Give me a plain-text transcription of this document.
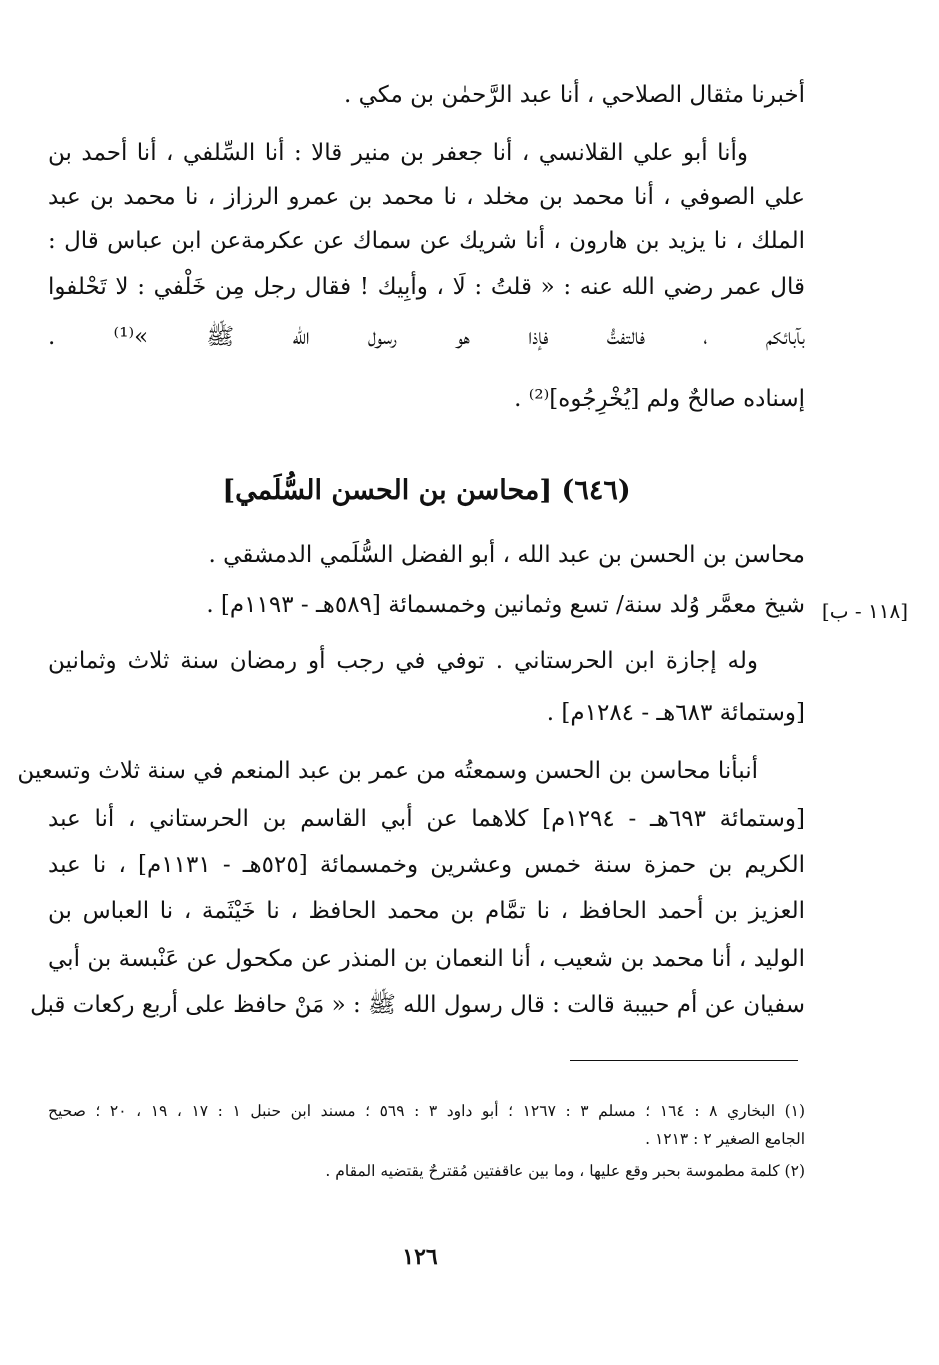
أخبرنا مثقال الصلاحي ، أنا عبد الرَّحمٰن بن مكي .
وأنا أبو علي القلانسي ، أنا جعفر بن منير قالا : أنا السِّلفي ، أنا أحمد بن
علي الصوفي ، أنا محمد بن مخلد ، نا محمد بن عمرو الرزاز ، نا محمد بن عبد
الملك ، نا يزيد بن هارون ، أنا شريك عن سماك عن عكرمةعن ابن عباس قال :
قال عمر رضي الله عنه : « قلتُ : لَا ، وأبِيك ! فقال رجل مِن خَلْفي : لا تَحْلفوا
بآبائكم ، فالتفتُّ فإذا هو رسول الله ﷺ »⁽¹⁾ .
إسناده صالحٌ ولم [يُخْرِجُوه]⁽²⁾ .
(٦٤٦) [محاسن بن الحسن السُّلَمي]
محاسن بن الحسن بن عبد الله ، أبو الفضل السُّلَمي الدمشقي .
شيخ معمَّر وُلد سنة/ تسع وثمانين وخمسمائة [٥٨٩هـ - ١١٩٣م] . [١١٨ - ب]
وله إجازة ابن الحرستاني . توفي في رجب أو رمضان سنة ثلاث وثمانين
[وستمائة ٦٨٣هـ - ١٢٨٤م] .
أنبأنا محاسن بن الحسن وسمعتُه من عمر بن عبد المنعم في سنة ثلاث وتسعين
[وستمائة ٦٩٣هـ - ١٢٩٤م] كلاهما عن أبي القاسم بن الحرستاني ، أنا عبد
الكريم بن حمزة سنة خمس وعشرين وخمسمائة [٥٢٥هـ - ١١٣١م] ، نا عبد
العزيز بن أحمد الحافظ ، نا تمَّام بن محمد الحافظ ، نا خَيْثَمة ، نا العباس بن
الوليد ، أنا محمد بن شعيب ، أنا النعمان بن المنذر عن مكحول عن عَنْبسة بن أبي
سفيان عن أم حبيبة قالت : قال رسول الله ﷺ : « مَنْ حافظ على أربع ركعات قبل
(١) البخاري ٨ : ١٦٤ ؛ مسلم ٣ : ١٢٦٧ ؛ أبو داود ٣ : ٥٦٩ ؛ مسند ابن حنبل ١ : ١٧ ، ١٩ ، ٢٠ ؛ صحيح
الجامع الصغير ٢ : ١٢١٣ .
(٢) كلمة مطموسة بحبر وقع عليها ، وما بين عاقفتين مُقترحٌ يقتضيه المقام .
١٢٦
